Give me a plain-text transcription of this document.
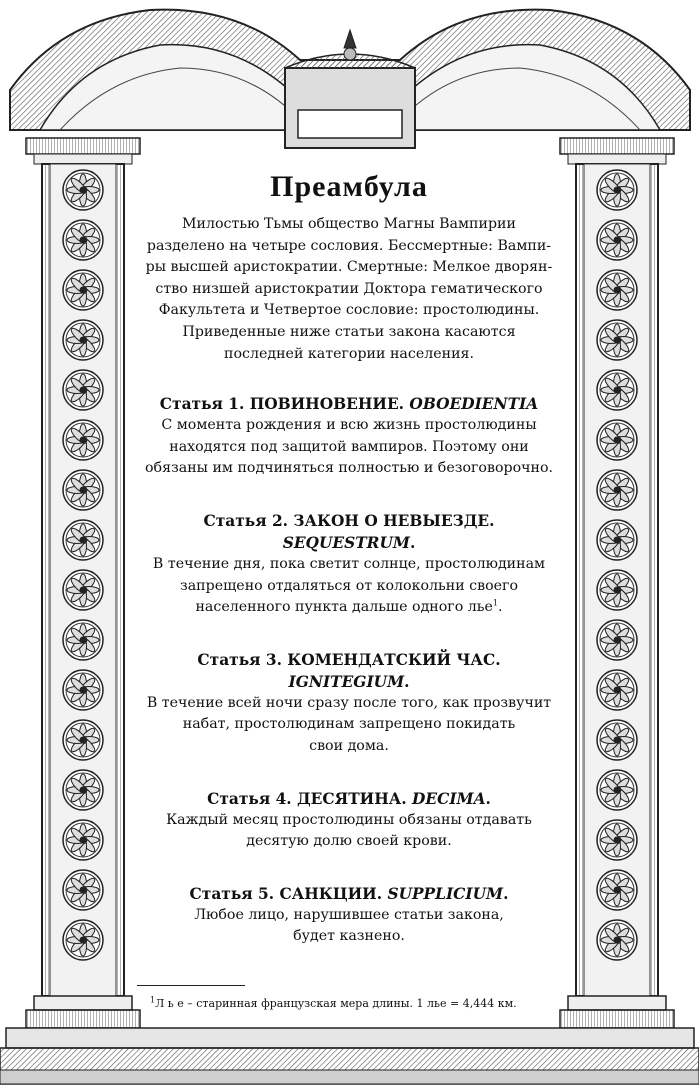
Преамбула

Милостью Тьмы общество Магны Вампирии
разделено на четыре сословия. Бессмертные: Вампи-
ры высшей аристократии. Смертные: Мелкое дворян-
ство низшей аристократии Доктора гематического
Факультета и Четвертое сословие: простолюдины.
Приведенные ниже статьи закона касаются
последней категории населения.

Статья 1. ПОВИНОВЕНИЕ. OBOEDIENTIA

С момента рождения и всю жизнь простолюдины
находятся под защитой вампиров. Поэтому они
обязаны им подчиняться полностью и безоговорочно.

Статья 2. ЗАКОН О НЕВЫЕЗДЕ.
SEQUESTRUM.

В течение дня, пока светит солнце, простолюдинам
запрещено отдаляться от колокольни своего
населенного пункта дальше одного лье$^1$.

Статья 3. КОМЕНДАТСКИЙ ЧАС.
IGNITEGIUM.

В течение всей ночи сразу после того, как прозвучит
набат, простолюдинам запрещено покидать
свои дома.

Статья 4. ДЕСЯТИНА. DECIMA.

Каждый месяц простолюдины обязаны отдавать
десятую долю своей крови.

Статья 5. САНКЦИИ. SUPPLICIUM.

Любое лицо, нарушившее статьи закона,
будет казнено.

$^1$Л ь е – старинная французская мера длины. 1 лье = 4,444 км.
